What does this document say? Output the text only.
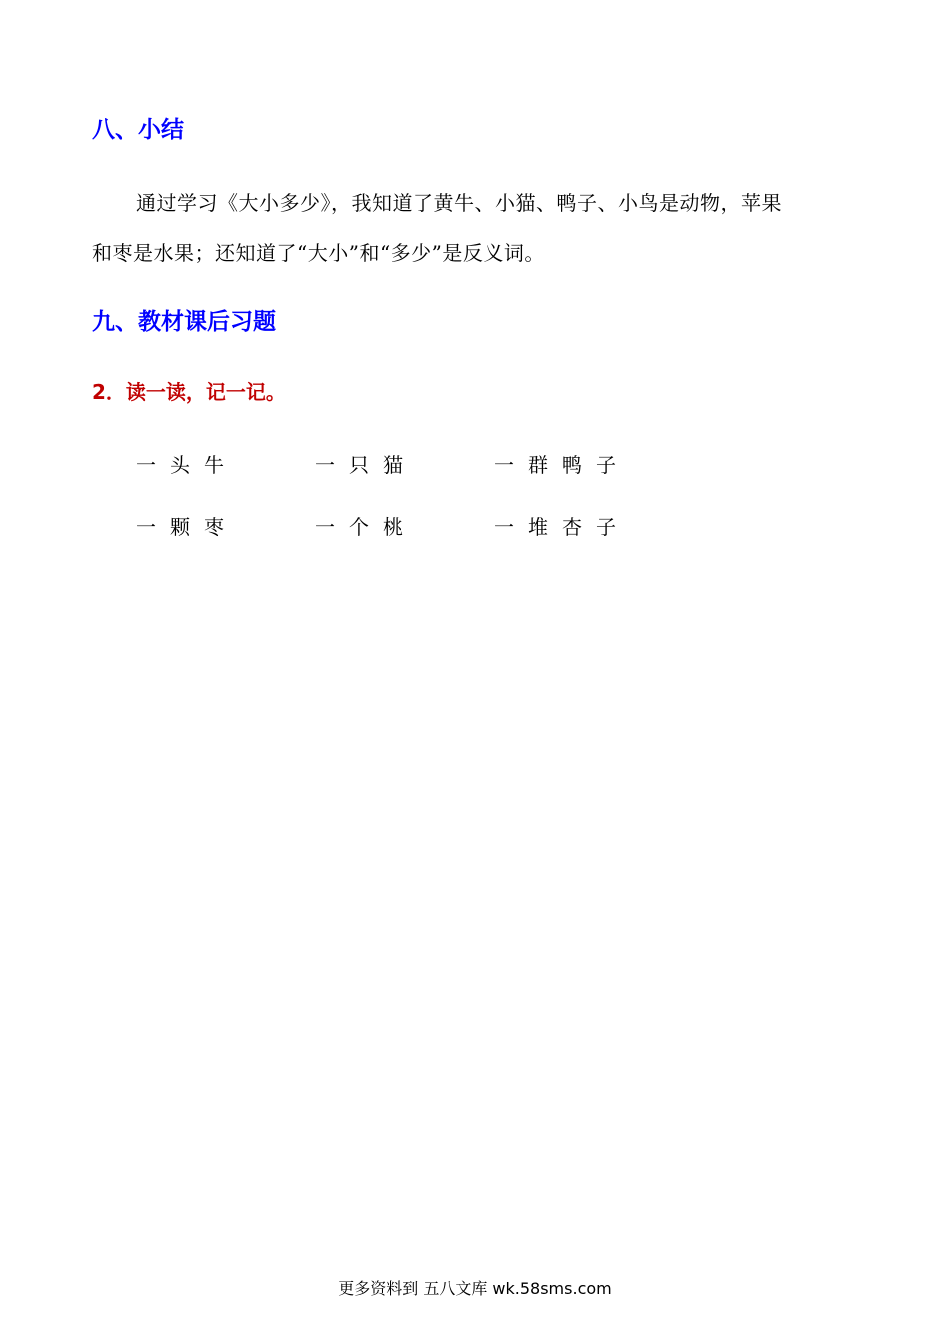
八、小结
通过学习《大小多少》，我知道了黄牛、小猫、鸭子、小鸟是动物，苹果
和枣是水果；还知道了“大小”和“多少”是反义词。
九、教材课后习题
2．读一读，记一记。
一头牛	一只猫	一群鸭子
一颗枣	一个桃	一堆杏子
更多资料到 五八文库 wk.58sms.com
